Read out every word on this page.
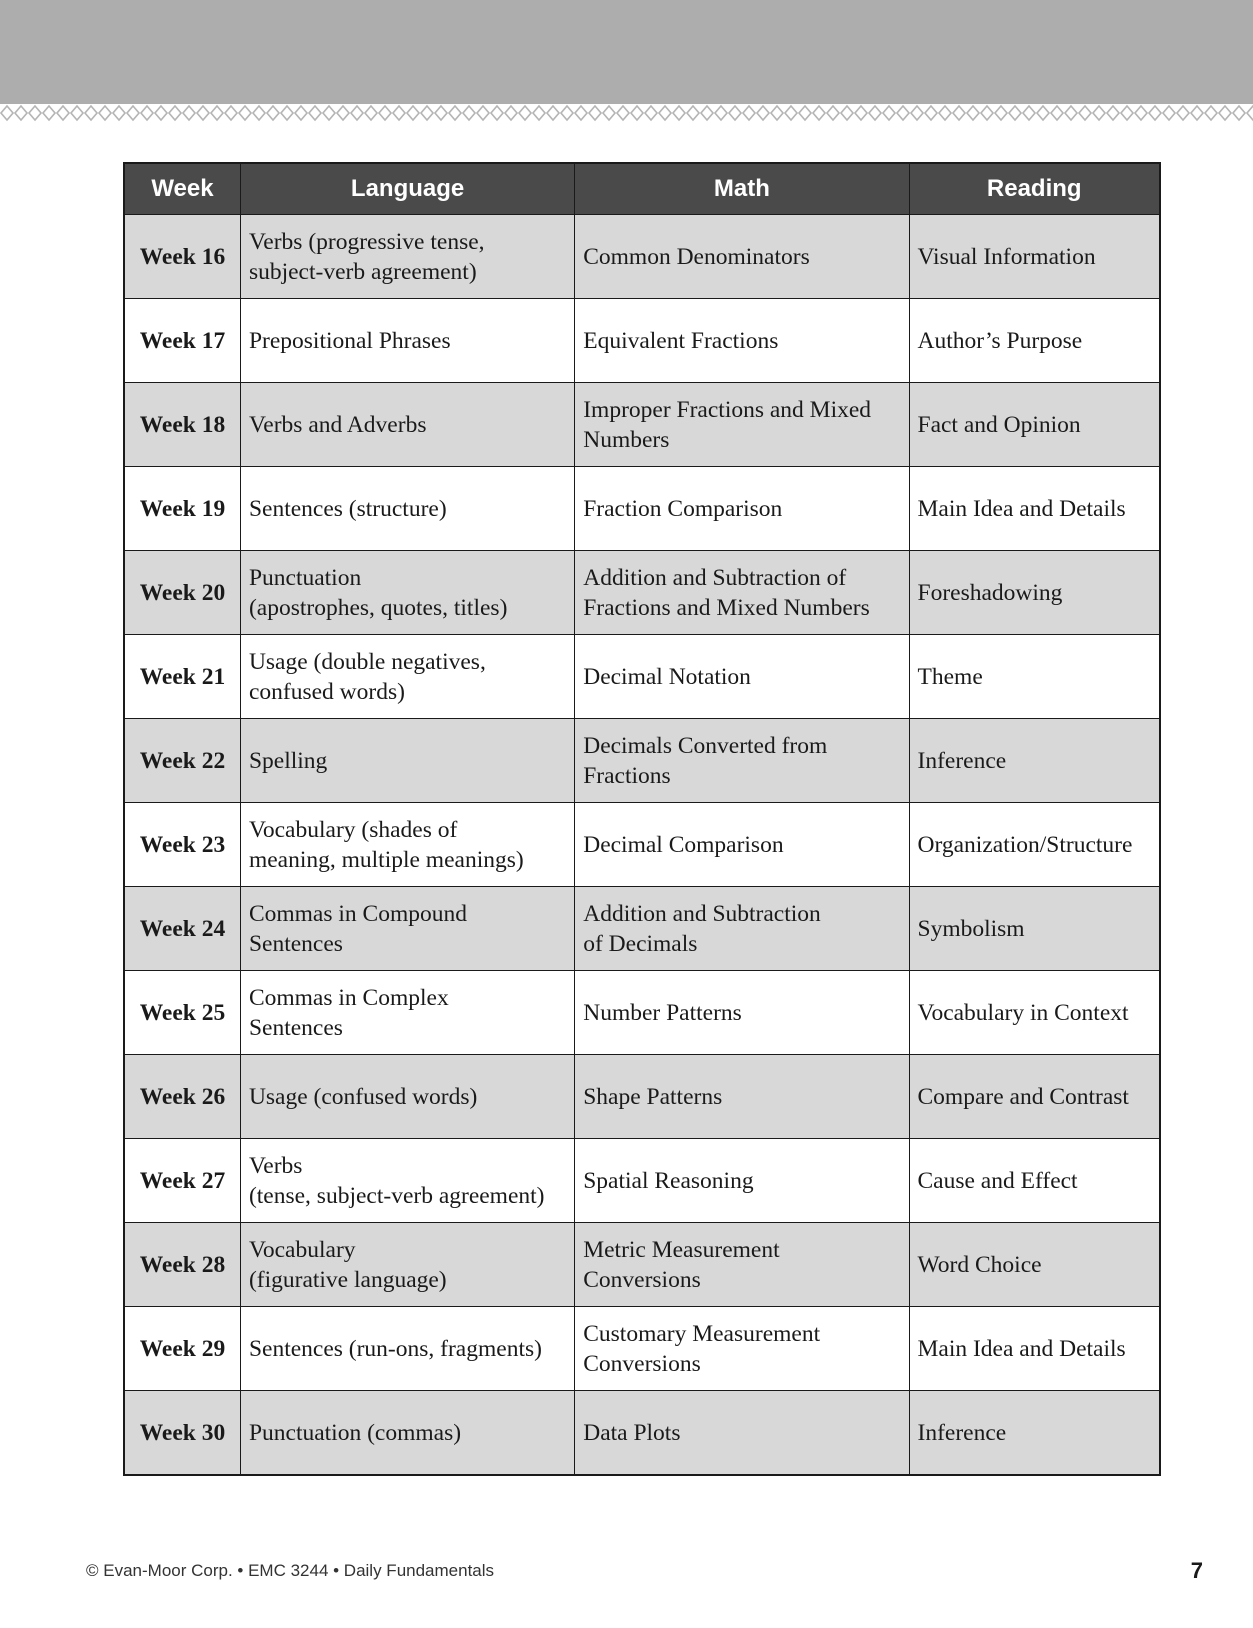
Week	Language	Math	Reading
Week 16	Verbs (progressive tense,
subject-verb agreement)	Common Denominators	Visual Information
Week 17	Prepositional Phrases	Equivalent Fractions	Author’s Purpose
Week 18	Verbs and Adverbs	Improper Fractions and Mixed
Numbers	Fact and Opinion
Week 19	Sentences (structure)	Fraction Comparison	Main Idea and Details
Week 20	Punctuation
(apostrophes, quotes, titles)	Addition and Subtraction of
Fractions and Mixed Numbers	Foreshadowing
Week 21	Usage (double negatives,
confused words)	Decimal Notation	Theme
Week 22	Spelling	Decimals Converted from
Fractions	Inference
Week 23	Vocabulary (shades of
meaning, multiple meanings)	Decimal Comparison	Organization/Structure
Week 24	Commas in Compound
Sentences	Addition and Subtraction
of Decimals	Symbolism
Week 25	Commas in Complex
Sentences	Number Patterns	Vocabulary in Context
Week 26	Usage (confused words)	Shape Patterns	Compare and Contrast
Week 27	Verbs
(tense, subject-verb agreement)	Spatial Reasoning	Cause and Effect
Week 28	Vocabulary
(figurative language)	Metric Measurement
Conversions	Word Choice
Week 29	Sentences (run-ons, fragments)	Customary Measurement
Conversions	Main Idea and Details
Week 30	Punctuation (commas)	Data Plots	Inference
© Evan-Moor Corp. • EMC 3244 • Daily Fundamentals	7
